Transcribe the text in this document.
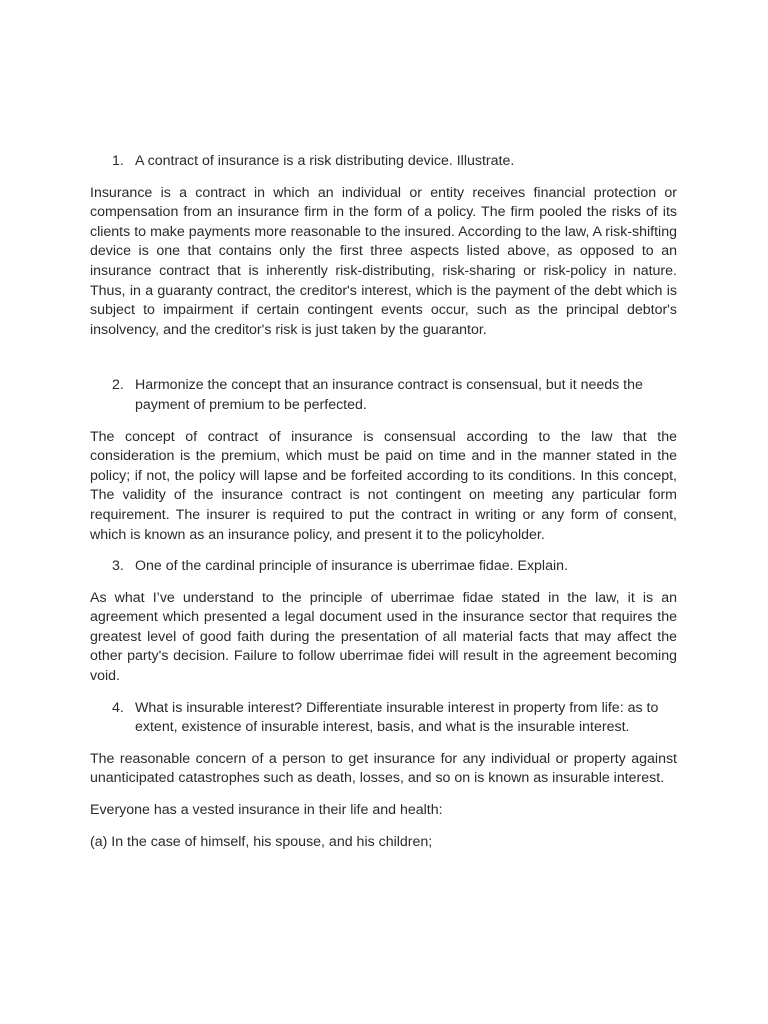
1. A contract of insurance is a risk distributing device. Illustrate.

Insurance is a contract in which an individual or entity receives financial protection or compensation from an insurance firm in the form of a policy. The firm pooled the risks of its clients to make payments more reasonable to the insured. According to the law, A risk-shifting device is one that contains only the first three aspects listed above, as opposed to an insurance contract that is inherently risk-distributing, risk-sharing or risk-policy in nature. Thus, in a guaranty contract, the creditor's interest, which is the payment of the debt which is subject to impairment if certain contingent events occur, such as the principal debtor's insolvency, and the creditor's risk is just taken by the guarantor.

2. Harmonize the concept that an insurance contract is consensual, but it needs the payment of premium to be perfected.

The concept of contract of insurance is consensual according to the law that the consideration is the premium, which must be paid on time and in the manner stated in the policy; if not, the policy will lapse and be forfeited according to its conditions. In this concept, The validity of the insurance contract is not contingent on meeting any particular form requirement. The insurer is required to put the contract in writing or any form of consent, which is known as an insurance policy, and present it to the policyholder.

3. One of the cardinal principle of insurance is uberrimae fidae. Explain.

As what I’ve understand to the principle of uberrimae fidae stated in the law, it is an agreement which presented a legal document used in the insurance sector that requires the greatest level of good faith during the presentation of all material facts that may affect the other party's decision. Failure to follow uberrimae fidei will result in the agreement becoming void.

4. What is insurable interest? Differentiate insurable interest in property from life: as to extent, existence of insurable interest, basis, and what is the insurable interest.

The reasonable concern of a person to get insurance for any individual or property against unanticipated catastrophes such as death, losses, and so on is known as insurable interest.

Everyone has a vested insurance in their life and health:

(a) In the case of himself, his spouse, and his children;
